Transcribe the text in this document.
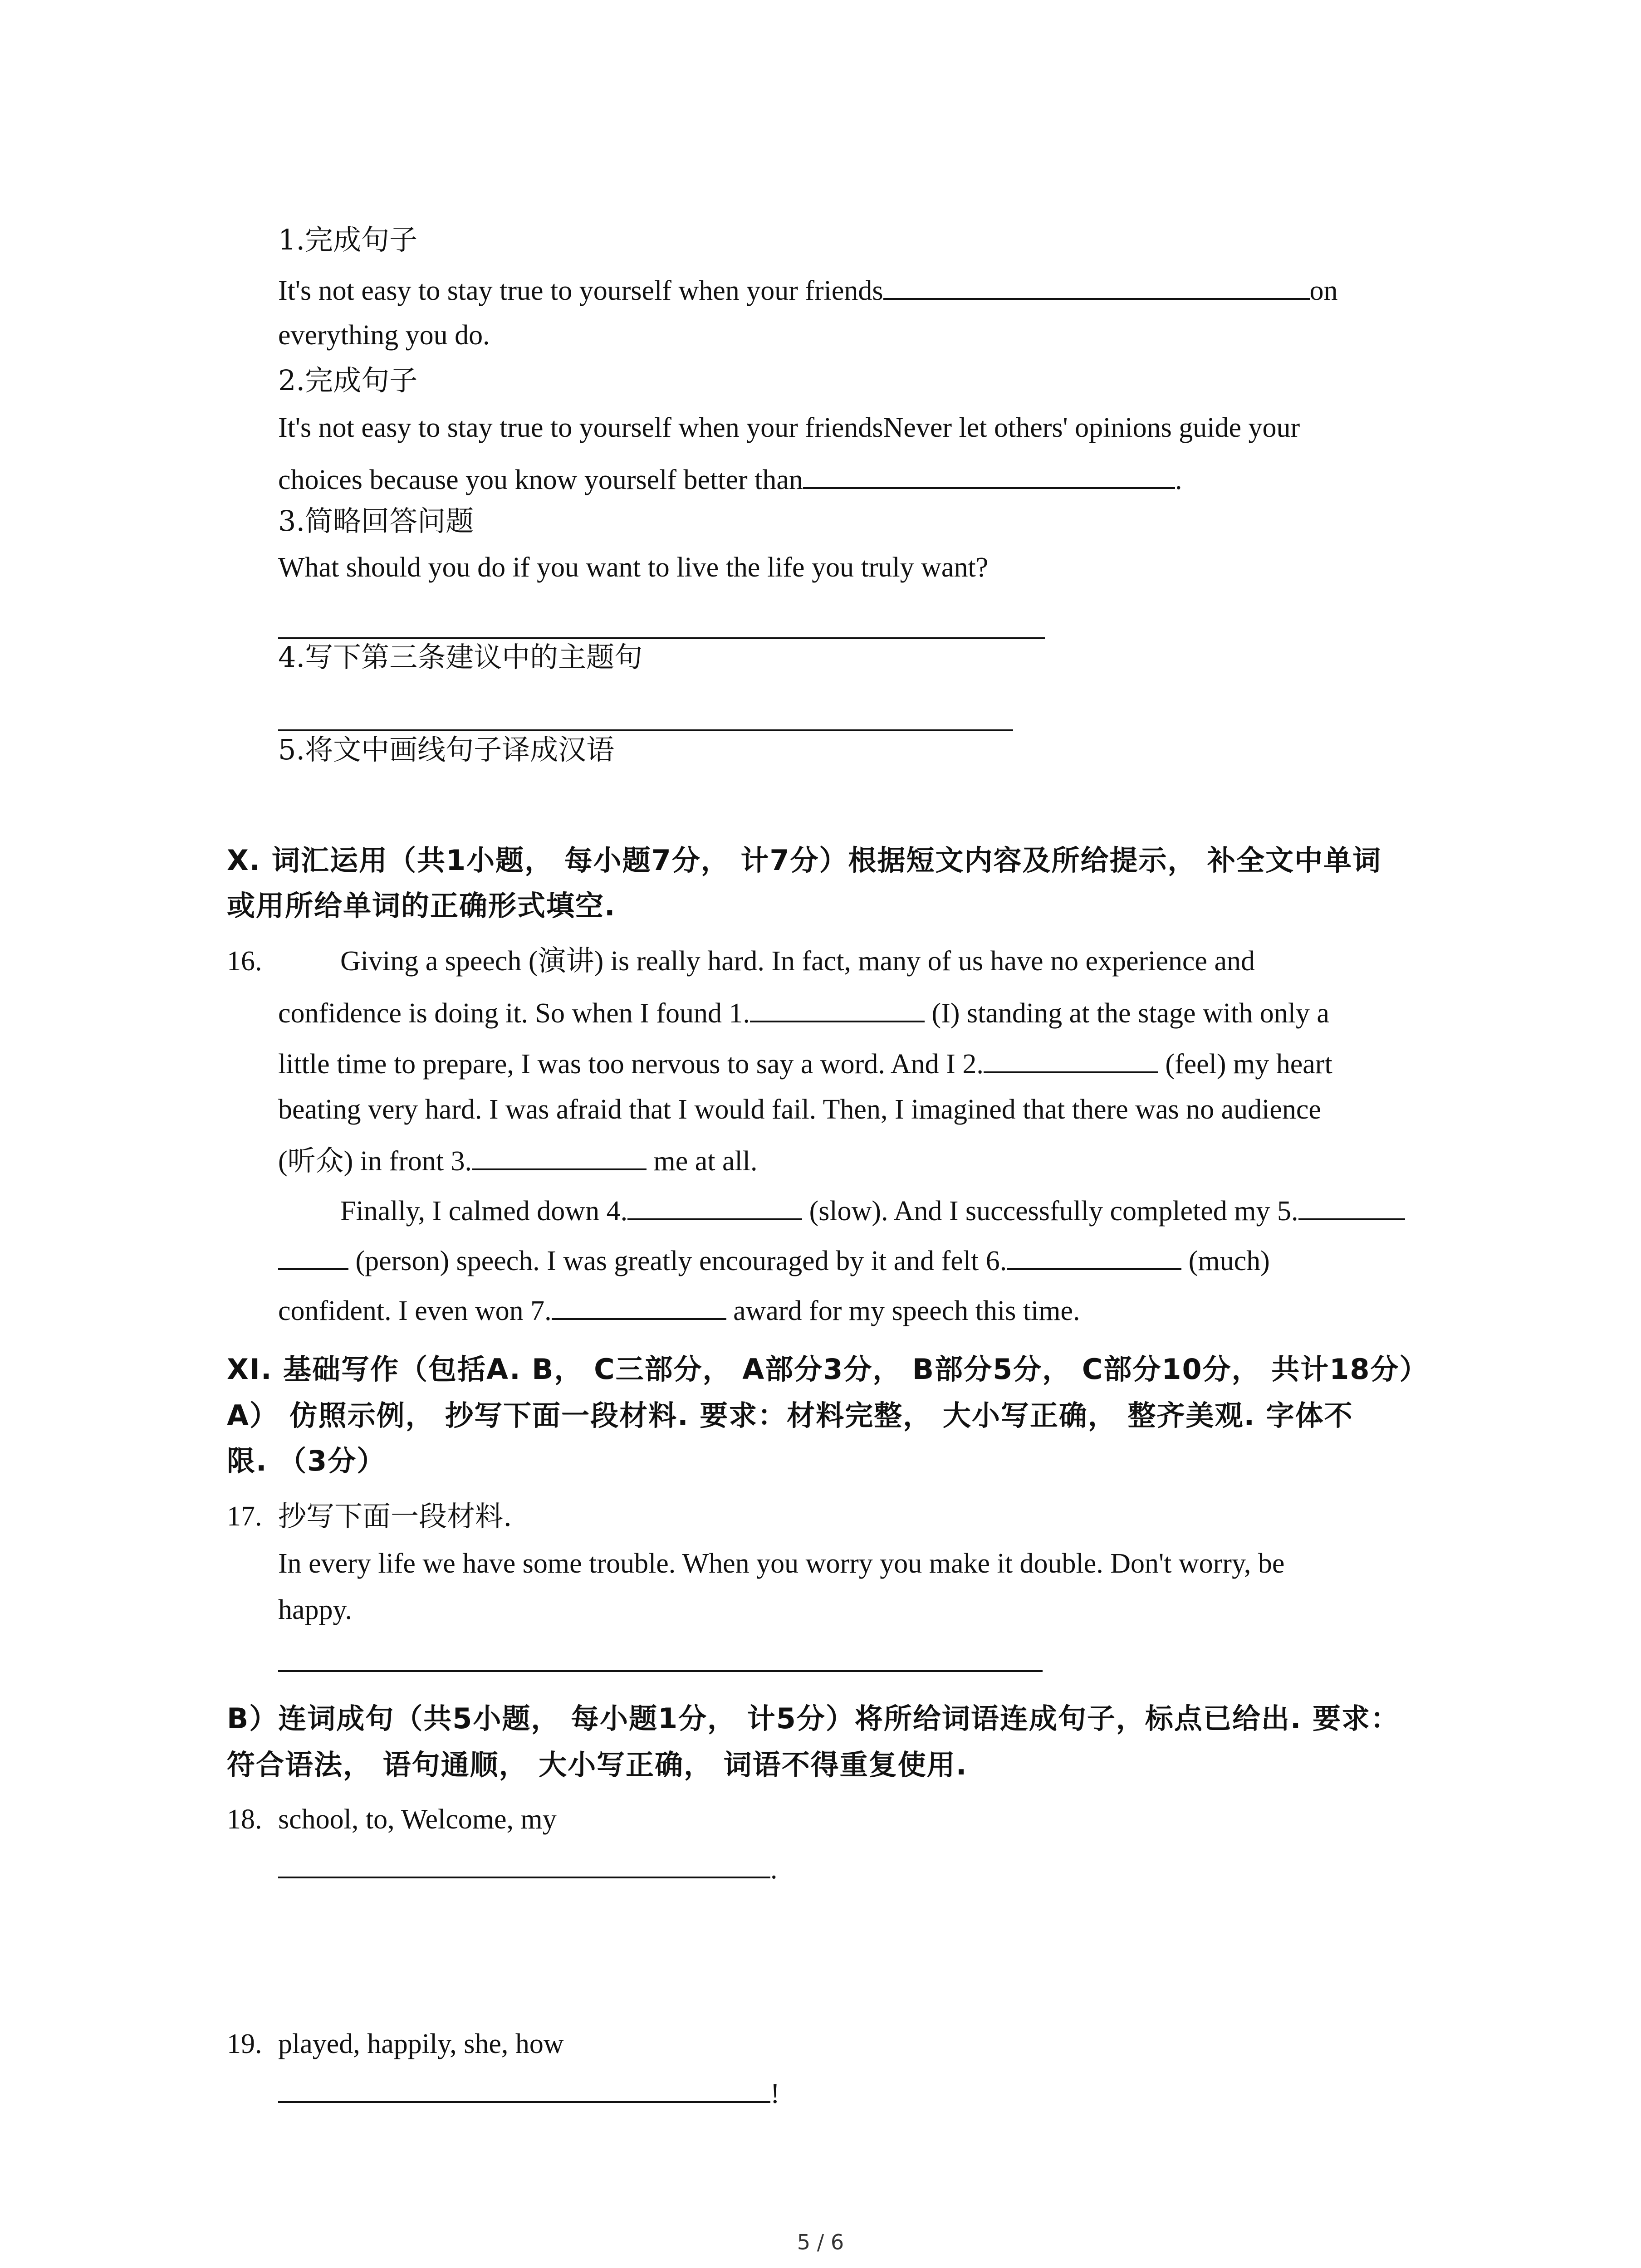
1.完成句子
It's not easy to stay true to yourself when your friends	on
everything you do.
2.完成句子
It's not easy to stay true to yourself when your friendsNever let others' opinions guide your
choices because you know yourself better than	.
3.简略回答问题
What should you do if you want to live the life you truly want?
4.写下第三条建议中的主题句
5.将文中画线句子译成汉语
X. 词汇运用（共1小题， 每小题7分， 计7分）根据短文内容及所给提示， 补全文中单词
或用所给单词的正确形式填空.
16.	Giving a speech (演讲) is really hard. In fact, many of us have no experience and
confidence is doing it. So when I found 1.	(I) standing at the stage with only a
little time to prepare, I was too nervous to say a word. And I 2.	(feel) my heart
beating very hard. I was afraid that I would fail. Then, I imagined that there was no audience
(听众) in front 3.	me at all.
Finally, I calmed down 4.	(slow). And I successfully completed my 5.
(person) speech. I was greatly encouraged by it and felt 6.	(much)
confident. I even won 7.	award for my speech this time.
XI. 基础写作（包括A. B， C三部分， A部分3分， B部分5分， C部分10分， 共计18分）
A） 仿照示例， 抄写下面一段材料. 要求：材料完整， 大小写正确， 整齐美观. 字体不
限. （3分）
17. 抄写下面一段材料.
In every life we have some trouble. When you worry you make it double. Don't worry, be
happy.
B）连词成句（共5小题， 每小题1分， 计5分）将所给词语连成句子，标点已给出. 要求：
符合语法， 语句通顺， 大小写正确， 词语不得重复使用.
18. school, to, Welcome, my
.
19. played, happily, she, how
!
5 / 6
